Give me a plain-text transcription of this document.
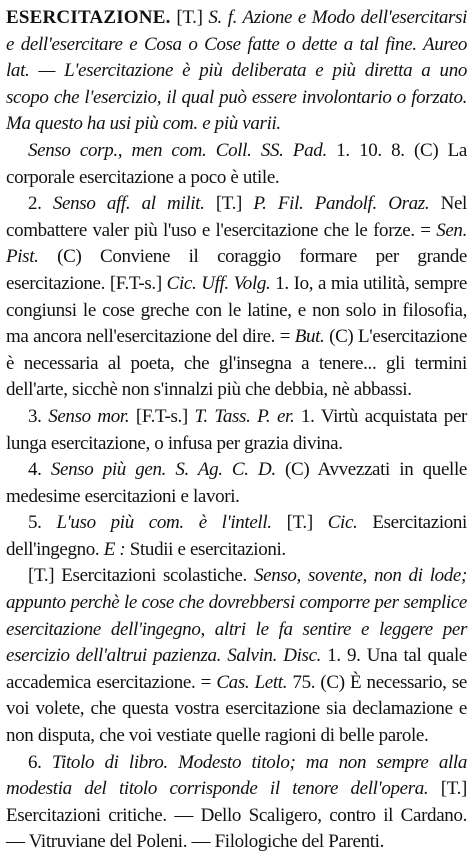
ESERCITAZIONE. [T.] S. f. Azione e Modo dell'esercitarsi e dell'esercitare e Cosa o Cose fatte o dette a tal fine. Aureo lat. — L'esercitazione è più deliberata e più diretta a uno scopo che l'esercizio, il qual può essere involontario o forzato. Ma questo ha usi più com. e più varii.

Senso corp., men com. Coll. SS. Pad. 1. 10. 8. (C) La corporale esercitazione a poco è utile.

2. Senso aff. al milit. [T.] P. Fil. Pandolf. Oraz. Nel combattere valer più l'uso e l'esercitazione che le forze. = Sen. Pist. (C) Conviene il coraggio formare per grande esercitazione. [F.T-s.] Cic. Uff. Volg. 1. Io, a mia utilità, sempre congiunsi le cose greche con le latine, e non solo in filosofia, ma ancora nell'esercitazione del dire. = But. (C) L'esercitazione è necessaria al poeta, che gl'insegna a tenere... gli termini dell'arte, sicchè non s'innalzi più che debbia, nè abbassi.

3. Senso mor. [F.T-s.] T. Tass. P. er. 1. Virtù acquistata per lunga esercitazione, o infusa per grazia divina.

4. Senso più gen. S. Ag. C. D. (C) Avvezzati in quelle medesime esercitazioni e lavori.

5. L'uso più com. è l'intell. [T.] Cic. Esercitazioni dell'ingegno. E : Studii e esercitazioni.

[T.] Esercitazioni scolastiche. Senso, sovente, non di lode; appunto perchè le cose che dovrebbersi comporre per semplice esercitazione dell'ingegno, altri le fa sentire e leggere per esercizio dell'altrui pazienza. Salvin. Disc. 1. 9. Una tal quale accademica esercitazione. = Cas. Lett. 75. (C) È necessario, se voi volete, che questa vostra esercitazione sia declamazione e non disputa, che voi vestiate quelle ragioni di belle parole.

6. Titolo di libro. Modesto titolo; ma non sempre alla modestia del titolo corrisponde il tenore dell'opera. [T.] Esercitazioni critiche. — Dello Scaligero, contro il Cardano. — Vitruviane del Poleni. — Filologiche del Parenti.
